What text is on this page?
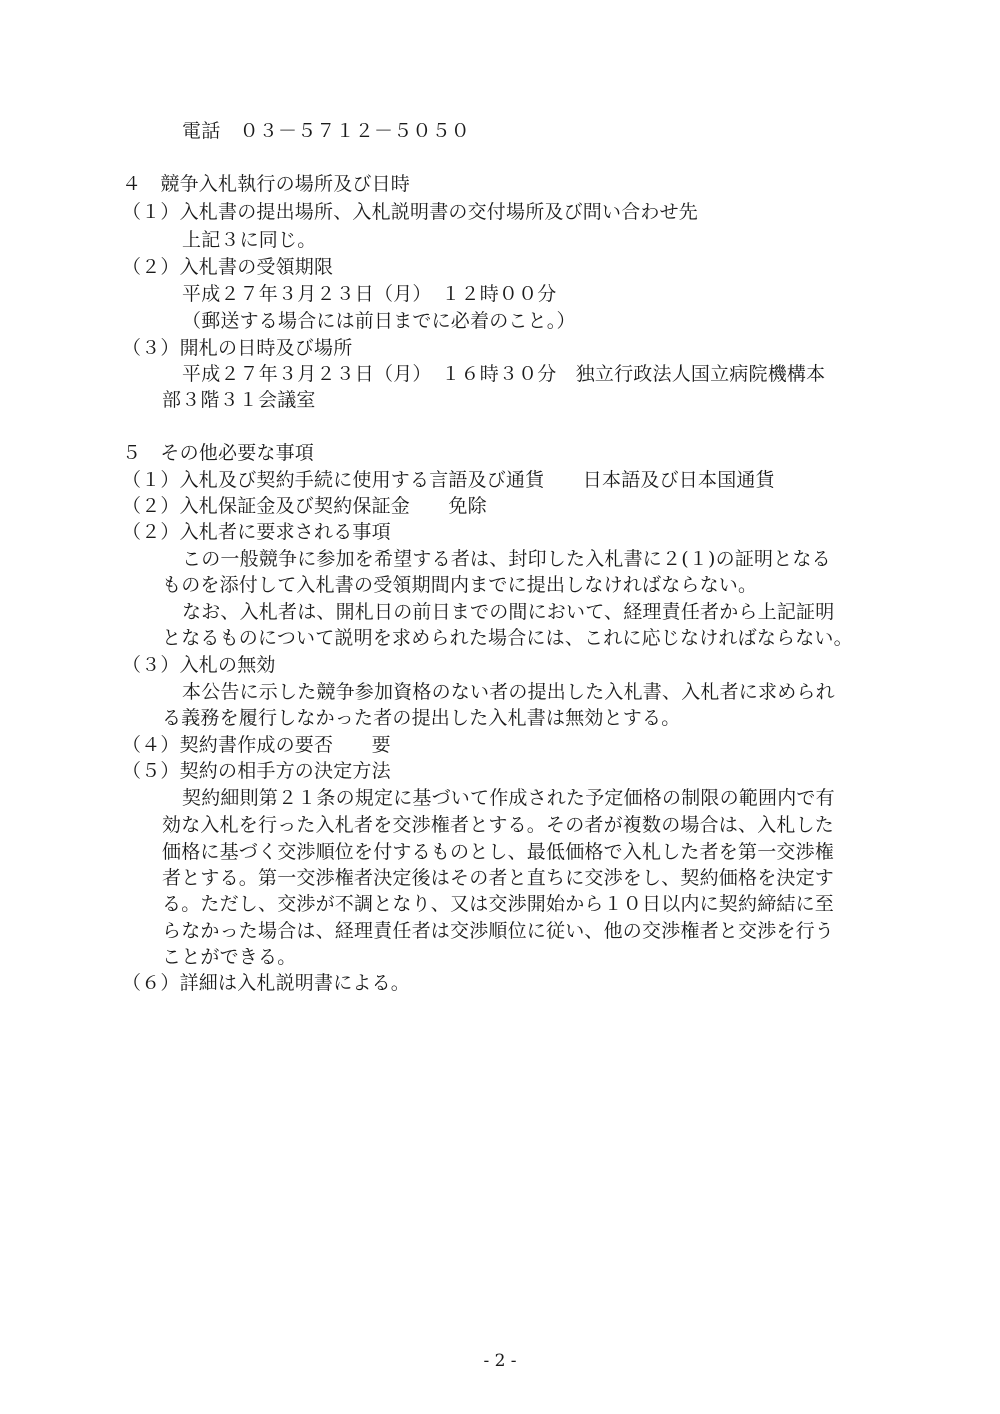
電話　０３－５７１２－５０５０
４　競争入札執行の場所及び日時
（１）入札書の提出場所、入札説明書の交付場所及び問い合わせ先
上記３に同じ。
（２）入札書の受領期限
平成２７年３月２３日（月）　１２時００分
（郵送する場合には前日までに必着のこと。）
（３）開札の日時及び場所
平成２７年３月２３日（月）　１６時３０分　独立行政法人国立病院機構本
部３階３１会議室
５　その他必要な事項
（１）入札及び契約手続に使用する言語及び通貨　　日本語及び日本国通貨
（２）入札保証金及び契約保証金　　免除
（２）入札者に要求される事項
この一般競争に参加を希望する者は、封印した入札書に２(１)の証明となる
ものを添付して入札書の受領期間内までに提出しなければならない。
なお、入札者は、開札日の前日までの間において、経理責任者から上記証明
となるものについて説明を求められた場合には、これに応じなければならない。
（３）入札の無効
本公告に示した競争参加資格のない者の提出した入札書、入札者に求められ
る義務を履行しなかった者の提出した入札書は無効とする。
（４）契約書作成の要否　　要
（５）契約の相手方の決定方法
契約細則第２１条の規定に基づいて作成された予定価格の制限の範囲内で有
効な入札を行った入札者を交渉権者とする。その者が複数の場合は、入札した
価格に基づく交渉順位を付するものとし、最低価格で入札した者を第一交渉権
者とする。第一交渉権者決定後はその者と直ちに交渉をし、契約価格を決定す
る。ただし、交渉が不調となり、又は交渉開始から１０日以内に契約締結に至
らなかった場合は、経理責任者は交渉順位に従い、他の交渉権者と交渉を行う
ことができる。
（６）詳細は入札説明書による。
- 2 -
